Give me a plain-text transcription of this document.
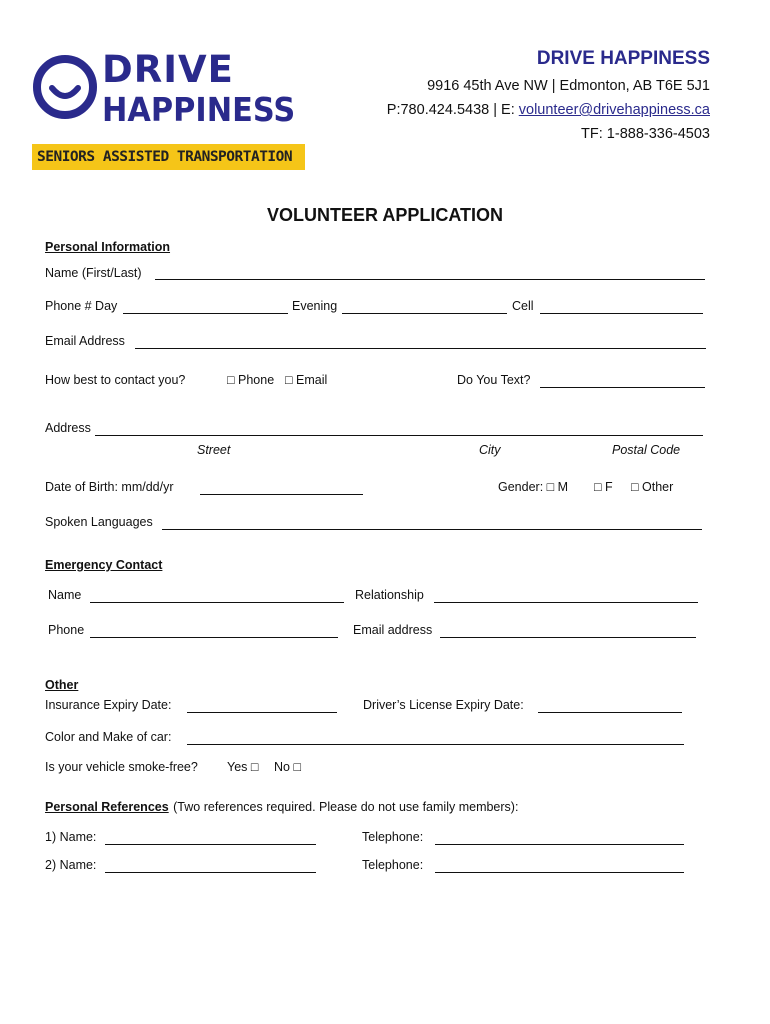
DRIVE
HAPPINESS
SENIORS ASSISTED TRANSPORTATION
DRIVE HAPPINESS
9916 45th Ave NW | Edmonton, AB T6E 5J1
P:780.424.5438 | E: volunteer@drivehappiness.ca
TF: 1-888-336-4503
VOLUNTEER APPLICATION
Personal Information
Name (First/Last)
Phone # Day	Evening	Cell
Email Address
How best to contact you?	□ Phone □ Email	Do You Text?
Address
Street	City	Postal Code
Date of Birth: mm/dd/yr	Gender: □ M □ F □ Other
Spoken Languages
Emergency Contact
Name	Relationship
Phone	Email address
Other
Insurance Expiry Date:	Driver’s License Expiry Date:
Color and Make of car:
Is your vehicle smoke-free? Yes □ No □
Personal References (Two references required. Please do not use family members):
1) Name:	Telephone:
2) Name:	Telephone:
